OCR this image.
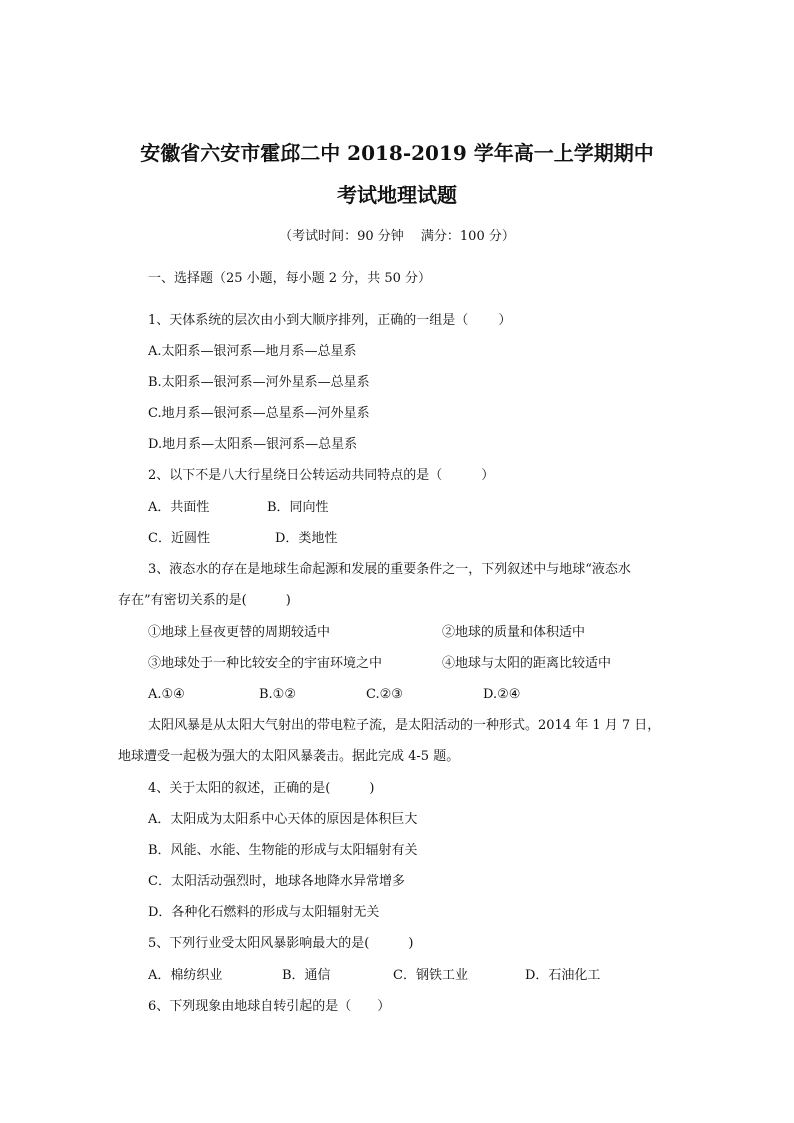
安徽省六安市霍邱二中 2018-2019 学年高一上学期期中
考试地理试题
（考试时间：90 分钟　 满分：100 分）
一、选择题（25 小题，每小题 2 分，共 50 分）
1、天体系统的层次由小到大顺序排列，正确的一组是（　　 ）
A.太阳系—银河系—地月系—总星系
B.太阳系—银河系—河外星系—总星系
C.地月系—银河系—总星系—河外星系
D.地月系—太阳系—银河系—总星系
2、以下不是八大行星绕日公转运动共同特点的是（　　　）
A．共面性	B．同向性
C．近圆性	D．类地性
3、液态水的存在是地球生命起源和发展的重要条件之一，下列叙述中与地球“液态水
存在”有密切关系的是(　　　)
①地球上昼夜更替的周期较适中	②地球的质量和体积适中
③地球处于一种比较安全的宇宙环境之中	④地球与太阳的距离比较适中
A.①④	B.①②	C.②③	D.②④
太阳风暴是从太阳大气射出的带电粒子流，是太阳活动的一种形式。2014 年 1 月 7 日，
地球遭受一起极为强大的太阳风暴袭击。据此完成 4-5 题。
4、关于太阳的叙述，正确的是(　　　)
A．太阳成为太阳系中心天体的原因是体积巨大
B．风能、水能、生物能的形成与太阳辐射有关
C．太阳活动强烈时，地球各地降水异常增多
D．各种化石燃料的形成与太阳辐射无关
5、下列行业受太阳风暴影响最大的是(　　　)
A．棉纺织业	B．通信	C．钢铁工业	D．石油化工
6、下列现象由地球自转引起的是（　　）
